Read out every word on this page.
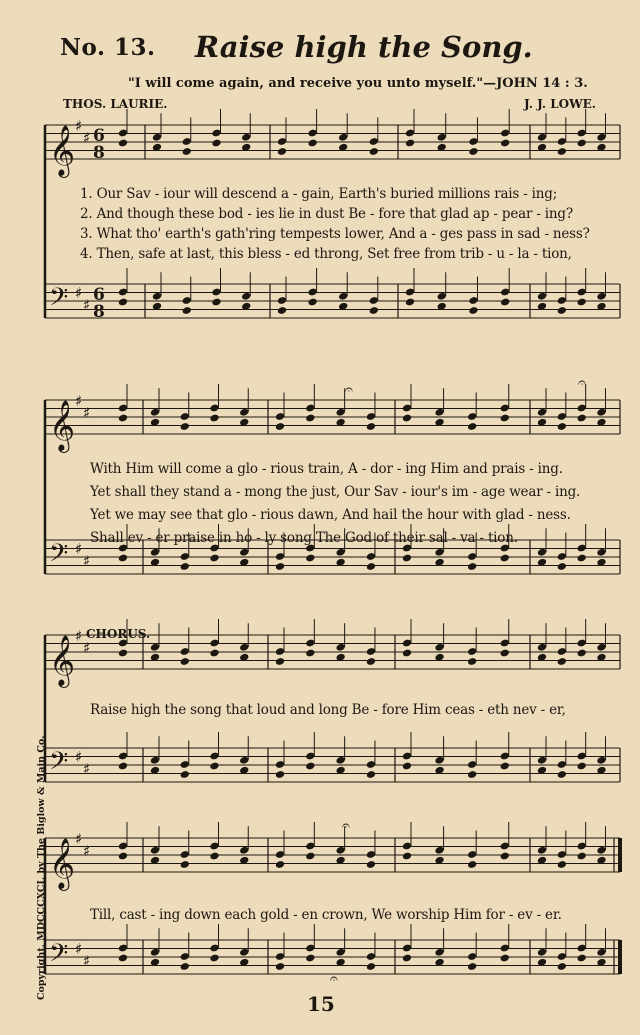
𝄞 ♯
♯
𝄢 ♯
♯
6
8
6
8
𝄞 ♯
♯
𝄢 ♯
♯
𝄞 ♯
♯
𝄢 ♯
♯
𝄞 ♯
♯
𝄢 ♯
♯
𝄐	𝄐
𝄐
𝄐
No. 13. Raise high the Song.
"I will come again, and receive you unto myself."—JOHN 14 : 3.
THOS. LAURIE.	J. J. LOWE.
1. Our Sav - iour will descend a - gain, Earth's buried millions rais - ing;
2. And though these bod - ies lie in dust Be - fore that glad ap - pear - ing?
3. What tho' earth's gath'ring tempests lower, And a - ges pass in sad - ness?
4. Then, safe at last, this bless - ed throng, Set free from trib - u - la - tion,
With Him will come a glo - rious train, A - dor - ing Him and prais - ing.
Yet shall they stand a - mong the just, Our Sav - iour's im - age wear - ing.
Yet we may see that glo - rious dawn, And hail the hour with glad - ness.
Shall ev - er praise in ho - ly song The God of their sal - va - tion.
CHORUS.
Raise high the song that loud and long Be - fore Him ceas - eth nev - er,
Till, cast - ing down each gold - en crown, We worship Him for - ev - er.
Copyright, MDCCCXCI, by The Biglow & Main Co.
15
